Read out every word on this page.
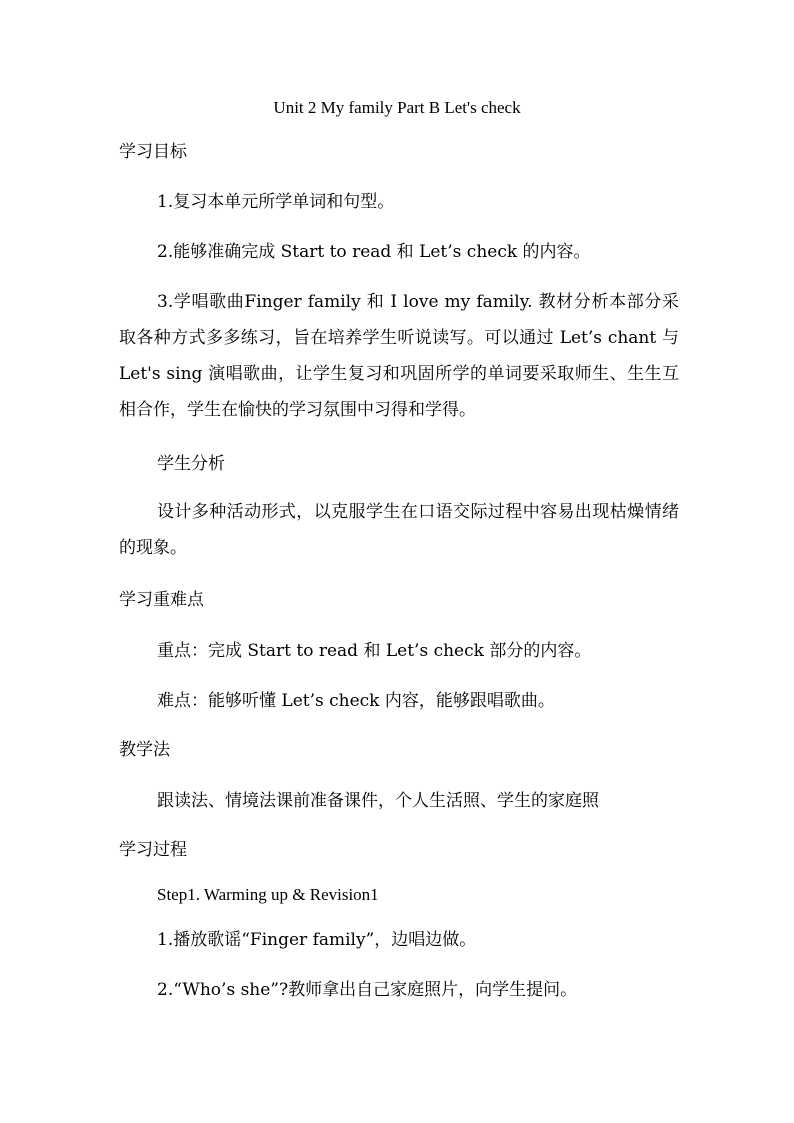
Unit 2 My family Part B Let's check
学习目标
1.复习本单元所学单词和句型。
2.能够准确完成 Start to read 和 Let’s check 的内容。
3.学唱歌曲Finger family 和 I love my family. 教材分析本部分采取各种方式多多练习，旨在培养学生听说读写。可以通过 Let’s chant 与 Let's sing 演唱歌曲，让学生复习和巩固所学的单词要采取师生、生生互相合作，学生在愉快的学习氛围中习得和学得。
学生分析
设计多种活动形式，以克服学生在口语交际过程中容易出现枯燥情绪的现象。
学习重难点
重点：完成 Start to read 和 Let’s check 部分的内容。
难点：能够听懂 Let’s check 内容，能够跟唱歌曲。
教学法
跟读法、情境法课前准备课件，个人生活照、学生的家庭照
学习过程
Step1. Warming up & Revision1
1.播放歌谣“Finger family”，边唱边做。
2.“Who’s she”?教师拿出自己家庭照片，向学生提问。
